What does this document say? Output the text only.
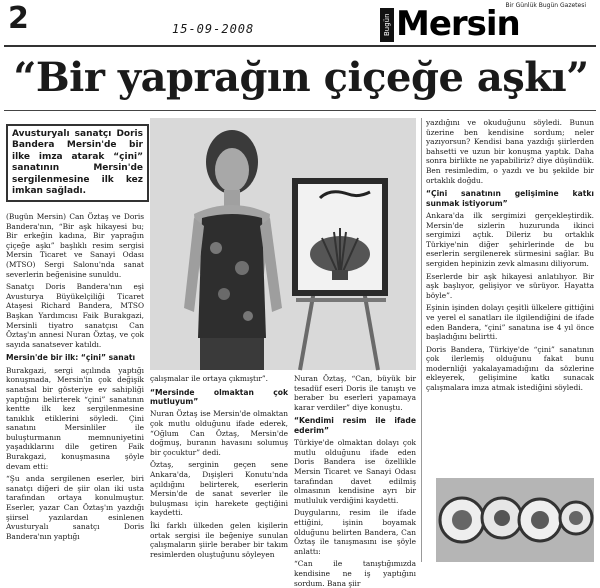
2	15-09-2008	Bugün Mersin
Bir Günlük Bugün Gazetesi
“Bir yaprağın çiçeğe aşkı”
Avusturyalı sanatçı Doris Bandera Mersin'de bir ilke imza atarak “çini” sanatının Mersin'de sergilenmesine ilk kez imkan sağladı.

(Bugün Mersin) Can Öztaş ve Doris Bandera'nın, “Bir aşk hikayesi bu; Bir erkeğin kadına, Bir yaprağın çiçeğe aşkı” başlıklı resim sergisi Mersin Ticaret ve Sanayi Odası (MTSO) Sergi Salonu'nda sanat severlerin beğenisine sunuldu.

Sanatçı Doris Bandera'nın eşi Avusturya Büyükelçiliği Ticaret Ataşesi Richard Bandera, MTSO Başkan Yardımcısı Faik Burakgazi, Mersinli tiyatro sanatçısı Can Öztaş'ın annesi Nuran Öztaş, ve çok sayıda sanatsever katıldı.

Mersin'de bir ilk: “çini” sanatı

Burakgazi, sergi açılında yaptığı konuşmada, Mersin'in çok değişik sanatsal bir gösteriye ev sahipliği yaptığını belirterek “çini” sanatının kentte ilk kez sergilenmesine tanıklık etiklerini söyledi. Çini sanatını Mersinliler ile buluşturmanın memnuniyetini yaşadıklarını dile getiren Faik Burakgazi, konuşmasına şöyle devam etti:

“Şu anda sergilenen eserler, biri sanatçı diğeri de şiir olan iki usta tarafından ortaya konulmuştur. Eserler, yazar Can Öztaş'ın yazdığı şiirsel yazılardan esinlenen Avusturyalı sanatçı Doris Bandera'nın yaptığı

çalışmalar ile ortaya çıkmıştır”.

“Mersinde olmaktan çok mutluyum”

Nuran Öztaş ise Mersin'de olmaktan çok mutlu olduğunu ifade ederek, “Oğlum Can Öztaş, Mersin'de doğmuş, buranın havasını solumuş bir çocuktur” dedi.

Öztaş, serginin geçen sene Ankara'da, Dışişleri Konutu'nda açıldığını belirterek, eserlerin Mersin'de de sanat severler ile buluşması için harekete geçtiğini kaydetti.

İki farklı ülkeden gelen kişilerin ortak sergisi ile beğeniye sunulan çalışmaların şiirle beraber bir takım resimlerden oluştuğunu söyleyen

Nuran Öztaş, “Can, büyük bir tesadüf eseri Doris ile tanıştı ve beraber bu eserleri yapamaya karar verdiler” diye konuştu.

“Kendimi resim ile ifade ederim”

Türkiye'de olmaktan dolayı çok mutlu olduğunu ifade eden Doris Bandera ise özellikle Mersin Ticaret ve Sanayi Odası tarafından davet edilmiş olmasının kendisine ayrı bir mutluluk verdiğini kaydetti.

Duygularını, resim ile ifade ettiğini, işinin boyamak olduğunu belirten Bandera, Can Öztaş ile tanışmasını ise şöyle anlattı:

“Can ile tanıştığımızda kendisine ne iş yaptığını sordum. Bana şiir

yazdığını ve okuduğunu söyledi. Bunun üzerine ben kendisine sordum; neler yazıyorsun? Kendisi bana yazdığı şiirlerden bahsetti ve uzun bir konuşma yaptık. Daha sonra birlikte ne yapabiliriz? diye düşündük. Ben resimledim, o yazdı ve bu şekilde bir ortaklık doğdu.

“Çini sanatının gelişimine katkı sunmak istiyorum”

Ankara'da ilk sergimizi gerçekleştirdik. Mersin'de sizlerin huzurunda ikinci sergimizi açtık. Dileriz bu ortaklık Türkiye'nin diğer şehirlerinde de bu eserlerin sergilenerek sürmesini sağlar. Bu sergiden hepinizin zevk almasını diliyorum.

Eserlerde bir aşk hikayesi anlatılıyor. Bir aşk başlıyor, gelişiyor ve sürüyor. Hayatta böyle”.

Eşinin işinden dolayı çeşitli ülkelere gittiğini ve yerel el sanatları ile ilgilendiğini de ifade eden Bandera, “çini” sanatına ise 4 yıl önce başladığını belirtti.

Doris Bandera, Türkiye'de “çini” sanatının çok ilerlemiş olduğunu fakat bunu modernliği yakalayamadığını da sözlerine ekleyerek, gelişimine katkı sunacak çalışmalara imza atmak istediğini söyledi.
